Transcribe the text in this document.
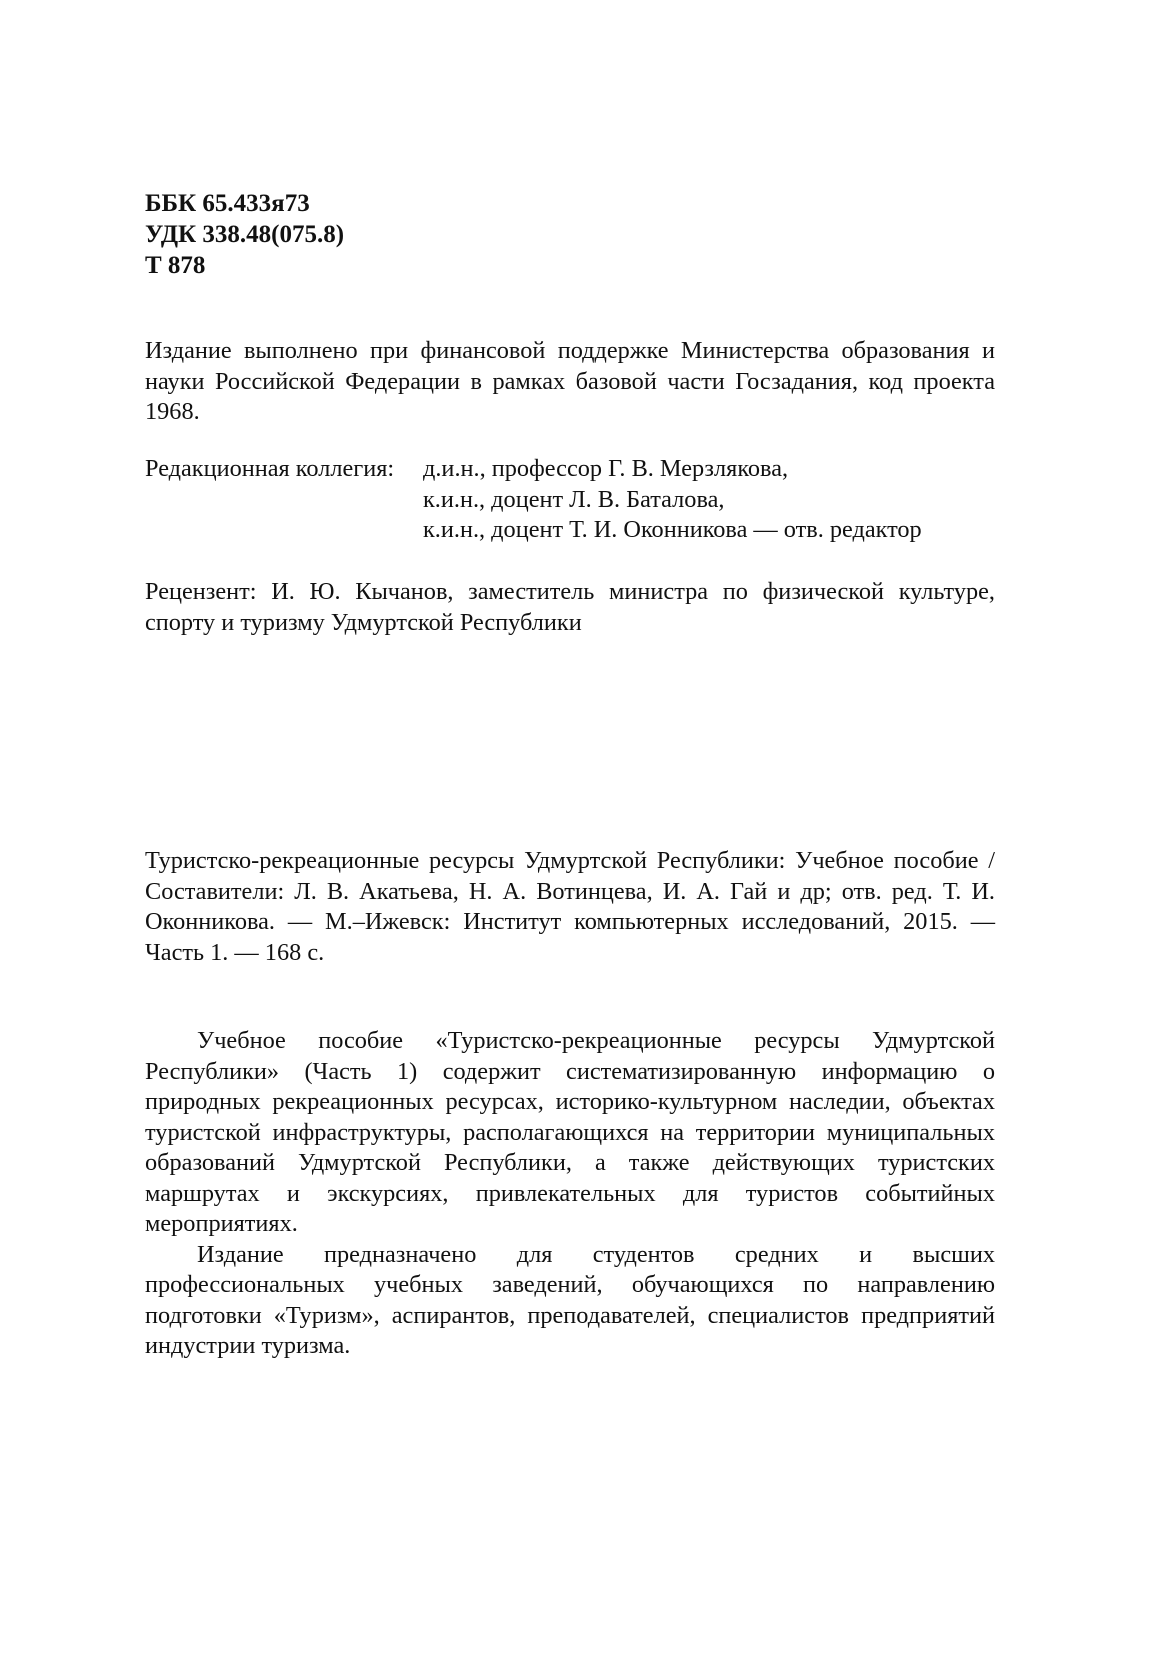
ББК 65.433я73
УДК 338.48(075.8)
Т 878
Издание выполнено при финансовой поддержке Министерства образования и науки Российской Федерации в рамках базовой части Госзадания, код проекта 1968.
Редакционная коллегия:	д.и.н., профессор Г. В. Мерзлякова,
к.и.н., доцент Л. В. Баталова,
к.и.н., доцент Т. И. Оконникова — отв. редактор
Рецензент: И. Ю. Кычанов, заместитель министра по физической культуре, спорту и туризму Удмуртской Республики
Туристско-рекреационные ресурсы Удмуртской Республики: Учебное пособие / Составители: Л. В. Акатьева, Н. А. Вотинцева, И. А. Гай и др; отв. ред. Т. И. Оконникова. — М.–Ижевск: Институт компьютерных исследований, 2015. — Часть 1. — 168 с.

Учебное пособие «Туристско-рекреационные ресурсы Удмуртской Республики» (Часть 1) содержит систематизированную информацию о природных рекреационных ресурсах, историко-культурном наследии, объектах туристской инфраструктуры, располагающихся на территории муниципальных образований Удмуртской Республики, а также действующих туристских маршрутах и экскурсиях, привлекательных для туристов событийных мероприятиях.

Издание предназначено для студентов средних и высших профессиональных учебных заведений, обучающихся по направлению подготовки «Туризм», аспирантов, преподавателей, специалистов предприятий индустрии туризма.
